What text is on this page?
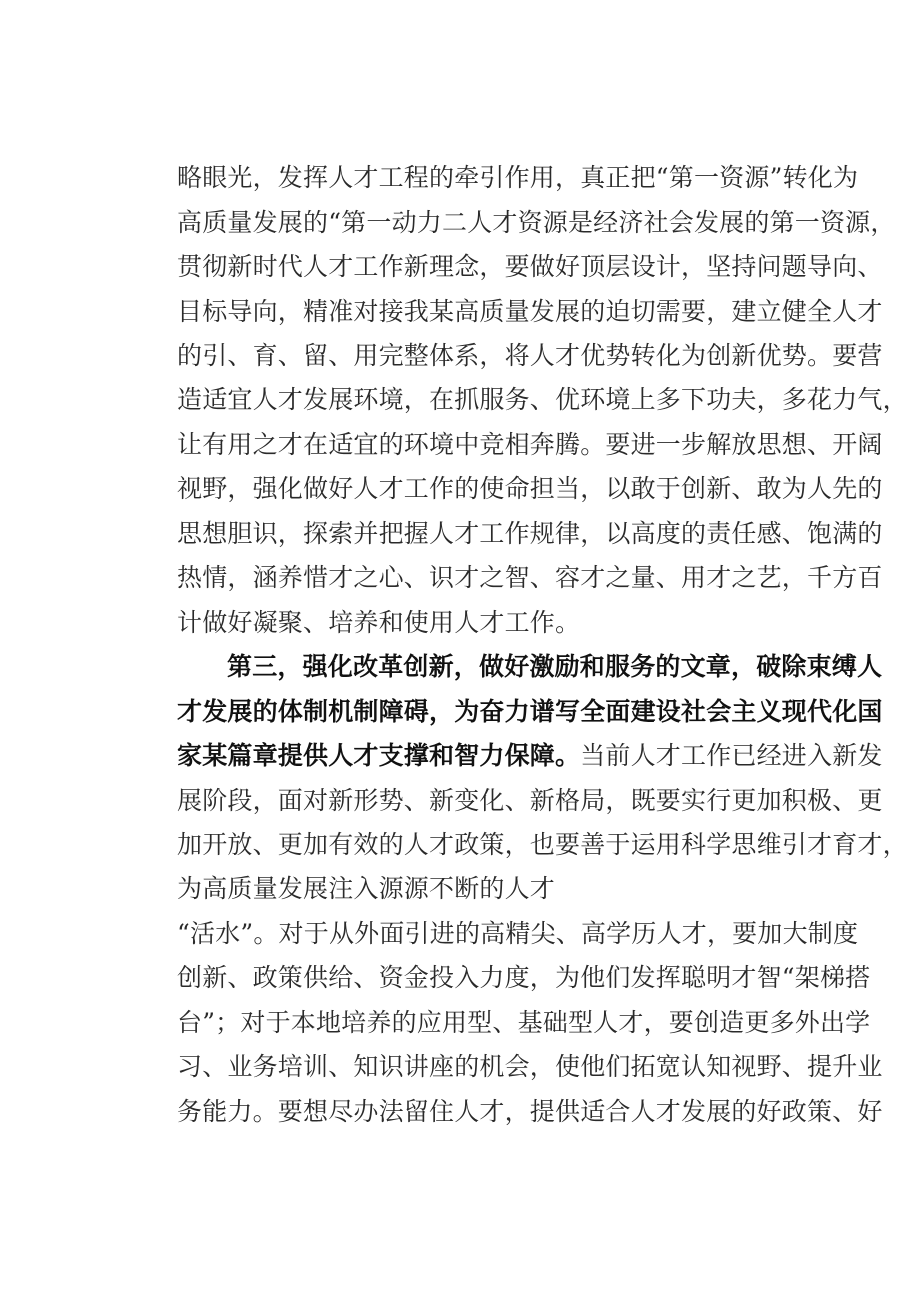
略眼光，发挥人才工程的牵引作用，真正把“第一资源”转化为
高质量发展的“第一动力二人才资源是经济社会发展的第一资源，
贯彻新时代人才工作新理念，要做好顶层设计，坚持问题导向、
目标导向，精准对接我某高质量发展的迫切需要，建立健全人才
的引、育、留、用完整体系，将人才优势转化为创新优势。要营
造适宜人才发展环境，在抓服务、优环境上多下功夫，多花力气，
让有用之才在适宜的环境中竞相奔腾。要进一步解放思想、开阔
视野，强化做好人才工作的使命担当，以敢于创新、敢为人先的
思想胆识，探索并把握人才工作规律，以高度的责任感、饱满的
热情，涵养惜才之心、识才之智、容才之量、用才之艺，千方百
计做好凝聚、培养和使用人才工作。
第三，强化改革创新，做好激励和服务的文章，破除束缚人
才发展的体制机制障碍，为奋力谱写全面建设社会主义现代化国
家某篇章提供人才支撑和智力保障。当前人才工作已经进入新发
展阶段，面对新形势、新变化、新格局，既要实行更加积极、更
加开放、更加有效的人才政策，也要善于运用科学思维引才育才，
为高质量发展注入源源不断的人才
“活水”。对于从外面引进的高精尖、高学历人才，要加大制度
创新、政策供给、资金投入力度，为他们发挥聪明才智“架梯搭
台”；对于本地培养的应用型、基础型人才，要创造更多外出学
习、业务培训、知识讲座的机会，使他们拓宽认知视野、提升业
务能力。要想尽办法留住人才，提供适合人才发展的好政策、好
